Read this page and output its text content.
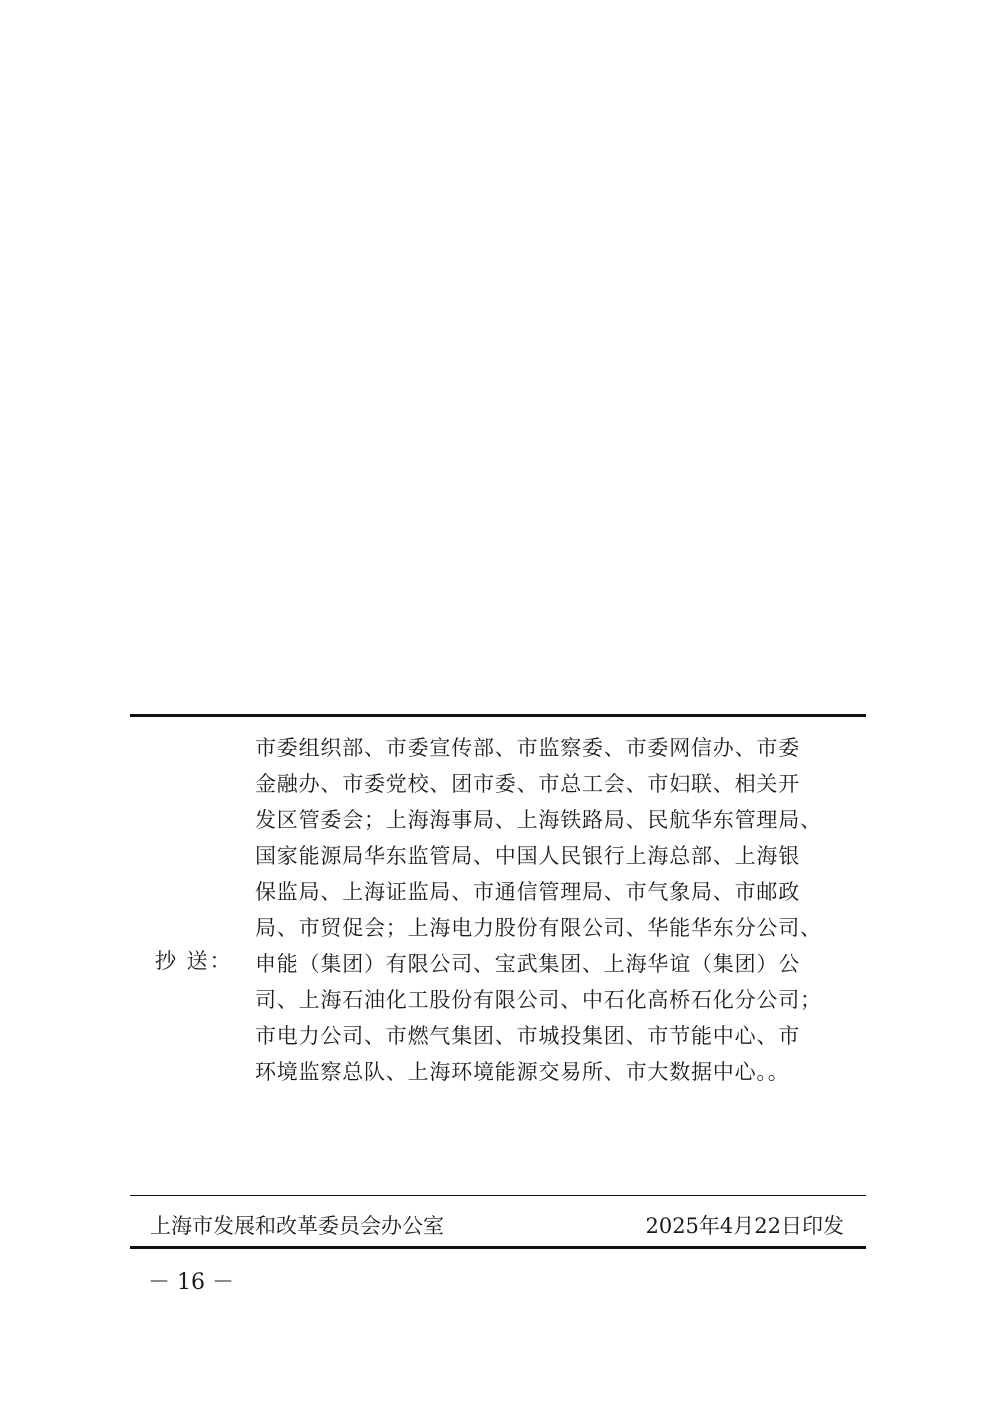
抄 送：
市委组织部、市委宣传部、市监察委、市委网信办、市委
金融办、市委党校、团市委、市总工会、市妇联、相关开
发区管委会；上海海事局、上海铁路局、民航华东管理局、
国家能源局华东监管局、中国人民银行上海总部、上海银
保监局、上海证监局、市通信管理局、市气象局、市邮政
局、市贸促会；上海电力股份有限公司、华能华东分公司、
申能（集团）有限公司、宝武集团、上海华谊（集团）公
司、上海石油化工股份有限公司、中石化高桥石化分公司；
市电力公司、市燃气集团、市城投集团、市节能中心、市
环境监察总队、上海环境能源交易所、市大数据中心。。
上海市发展和改革委员会办公室	2025年4月22日印发
－ 16 －
